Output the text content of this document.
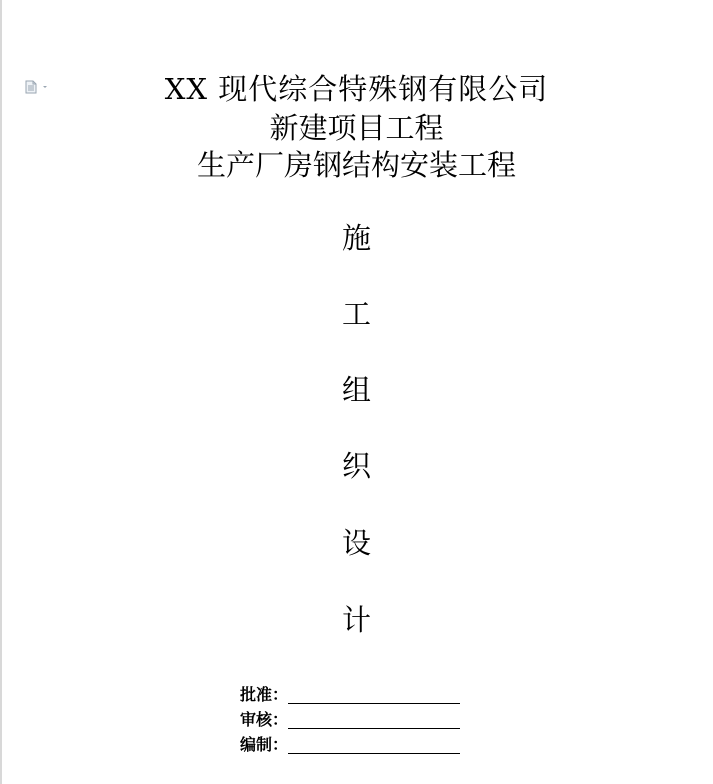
XX 现代综合特殊钢有限公司
新建项目工程
生产厂房钢结构安装工程
施
工
组
织
设
计
批准：
审核：
编制：
